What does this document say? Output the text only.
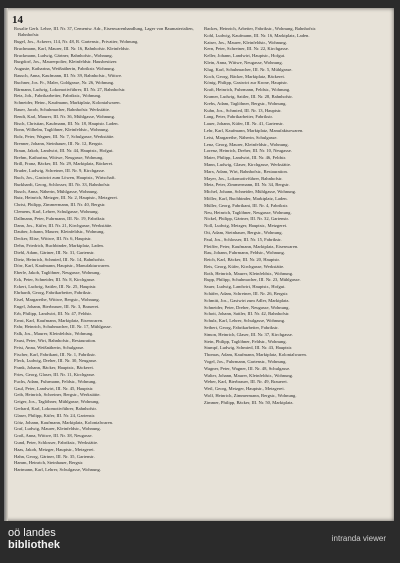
14

Rosalie Gerh. Lehre, III. Nr. 37, Cementw. Adr., Eisenwarenhandlung, Lager von Baumaterialien, Bahnhofstr.

Bugel, Jos., Ackerer, 114, Nr. 48, R. Gartenstr., Privatier, Wohnung.

Bruchmann, Karl, Maurer, III. Nr. 16, Bahnhofstr. Kleinfeldstr.

Bruckmann, Ludwig, Gärtner, Bahnhofstr., Wohnung.

Burgdorf, Jos., Maurerpolier, Kleinfeldstr. Hausbesitzer.

Auguste, Katharina, Weißnäherin, Fabrikstr. Wohnung.

Bausch, Anna, Kaufmann, III. Nr. 39, Bahnhofstr., Wittwe.

Buchner, Jos. Fr., Maler, Goldgasse, Nr. 26, Wohnung.

Bärmann, Ludwig, Lokomotivführer, III. Nr. 27, Bahnhofstr.

Betz, Joh., Fabrikarbeiter, Fabrikstr., Wohnung.

Schneider, Heinr., Kaufmann, Marktplatz, Kolonialwaren.

Bauer, Jacob, Schuhmacher, Bahnhofstr. Werkstätte.

Bendt, Karl, Maurer, III. Nr. 36, Mühlgasse, Wohnung.

Bisch, Christian, Kaufmann, III. Nr. 18, Hauptstr. Laden.

Bonn, Wilhelm, Taglöhner, Kleinfeldstr., Wohnung.

Bolz, Peter, Wagner, III. Nr. 7, Schulgasse, Werkstätte.

Brenner, Johann, Steinhauer, III. Nr. 12, Bergstr.

Braun, Jakob, Landwirt, III. Nr. 44, Hauptstr., Hofgut.

Brehm, Katharina, Wittwe, Neugasse, Wohnung.

Brill, Franz, Bäcker, III. Nr. 29, Marktplatz, Bäckerei.

Bruder, Ludwig, Schreiner, III. Nr. 9, Kirchgasse.

Buch, Jos., Gastwirt zum Löwen, Hauptstr., Wirtschaft.

Burkhardt, Georg, Schlosser, III. Nr. 33, Bahnhofstr.

Busch, Anna, Näherin, Mühlgasse, Wohnung.

Butz, Heinrich, Metzger, III. Nr. 2, Hauptstr., Metzgerei.

Christ, Philipp, Zimmermann, III. Nr. 40, Bergstr.

Clemens, Karl, Lehrer, Schulgasse, Wohnung.

Dallmann, Peter, Fuhrmann, III. Nr. 19, Fabrikstr.

Dann, Jos., Küfer, III. Nr. 21, Kirchgasse, Werkstätte.

Dauber, Johann, Maurer, Kleinfeldstr., Wohnung.

Decker, Elise, Wittwe, III. Nr. 6, Hauptstr.

Dehn, Friedrich, Buchbinder, Marktplatz, Laden.

Diehl, Adam, Gärtner, III. Nr. 31, Gartenstr.

Dietz, Heinrich, Schmied, III. Nr. 14, Bahnhofstr.

Dörr, Karl, Kaufmann, Hauptstr., Manufakturwaren.

Eberle, Jakob, Taglöhner, Neugasse, Wohnung.

Eck, Peter, Schneider, III. Nr. 8, Kirchgasse.

Eckert, Ludwig, Sattler, III. Nr. 25, Hauptstr.

Ehrhardt, Georg, Fabrikarbeiter, Fabrikstr.

Eisel, Margarethe, Wittwe, Bergstr., Wohnung.

Engel, Johann, Bierbrauer, III. Nr. 3, Brauerei.

Erb, Philipp, Landwirt, III. Nr. 47, Feldstr.

Ernst, Karl, Kaufmann, Marktplatz, Eisenwaren.

Fahr, Heinrich, Schuhmacher, III. Nr. 17, Mühlgasse.

Falk, Jos., Maurer, Kleinfeldstr., Wohnung.

Faust, Peter, Wirt, Bahnhofstr., Restauration.

Feist, Anna, Weißnäherin, Schulgasse.

Fischer, Karl, Fabrikant, III. Nr. 1, Fabrikstr.

Fleck, Ludwig, Dreher, III. Nr. 30, Neugasse.

Frank, Johann, Bäcker, Hauptstr., Bäckerei.

Fries, Georg, Glaser, III. Nr. 11, Kirchgasse.

Fuchs, Adam, Fuhrmann, Feldstr., Wohnung.

Gaul, Peter, Landwirt, III. Nr. 45, Hauptstr.

Geib, Heinrich, Schreiner, Bergstr., Werkstätte.

Geiger, Jos., Taglöhner, Mühlgasse, Wohnung.

Gerhard, Karl, Lokomotivführer, Bahnhofstr.

Glaser, Philipp, Küfer, III. Nr. 24, Gartenstr.

Götz, Johann, Kaufmann, Marktplatz, Kolonialwaren.

Graf, Ludwig, Maurer, Kleinfeldstr., Wohnung.

Groß, Anna, Wittwe, III. Nr. 38, Neugasse.

Gund, Peter, Schlosser, Fabrikstr., Werkstätte.

Haas, Jakob, Metzger, Hauptstr., Metzgerei.

Hahn, Georg, Gärtner, III. Nr. 35, Gartenstr.

Hamm, Heinrich, Steinhauer, Bergstr.

Hartmann, Karl, Lehrer, Schulgasse, Wohnung.

Backes, Heinrich, Arbeiter, Fabrikstr., Wohnung, Bahnhofstr.

Kohl, Ludwig, Kaufmann, III. Nr. 16, Marktplatz, Laden.

Kaiser, Jos., Maurer, Kleinfeldstr., Wohnung.

Kern, Peter, Schreiner, III. Nr. 22, Kirchgasse.

Keller, Johann, Landwirt, Hauptstr., Hofgut.

Klein, Anna, Wittwe, Neugasse, Wohnung.

Klug, Karl, Schuhmacher, III. Nr. 5, Mühlgasse.

Koch, Georg, Bäcker, Marktplatz, Bäckerei.

König, Philipp, Gastwirt zur Krone, Hauptstr.

Kraft, Heinrich, Fuhrmann, Feldstr., Wohnung.

Kramer, Ludwig, Sattler, III. Nr. 28, Bahnhofstr.

Krebs, Adam, Taglöhner, Bergstr., Wohnung.

Kuhn, Jos., Schmied, III. Nr. 13, Hauptstr.

Lang, Peter, Fabrikarbeiter, Fabrikstr.

Lauer, Johann, Küfer, III. Nr. 41, Gartenstr.

Lehr, Karl, Kaufmann, Marktplatz, Manufakturwaren.

Leist, Margarethe, Näherin, Schulgasse.

Lenz, Georg, Maurer, Kleinfeldstr., Wohnung.

Lorenz, Heinrich, Dreher, III. Nr. 10, Neugasse.

Maier, Philipp, Landwirt, III. Nr. 46, Feldstr.

Mann, Ludwig, Glaser, Kirchgasse, Werkstätte.

Marx, Adam, Wirt, Bahnhofstr., Restauration.

Mayer, Jos., Lokomotivführer, Bahnhofstr.

Metz, Peter, Zimmermann, III. Nr. 34, Bergstr.

Michel, Johann, Schneider, Mühlgasse, Wohnung.

Möller, Karl, Buchbinder, Marktplatz, Laden.

Müller, Georg, Fabrikant, III. Nr. 4, Fabrikstr.

Neu, Heinrich, Taglöhner, Neugasse, Wohnung.

Nickel, Philipp, Gärtner, III. Nr. 32, Gartenstr.

Noll, Ludwig, Metzger, Hauptstr., Metzgerei.

Ott, Adam, Steinhauer, Bergstr., Wohnung.

Paul, Jos., Schlosser, III. Nr. 15, Fabrikstr.

Pfeiffer, Peter, Kaufmann, Marktplatz, Eisenwaren.

Rau, Johann, Fuhrmann, Feldstr., Wohnung.

Reich, Karl, Bäcker, III. Nr. 20, Hauptstr.

Reis, Georg, Küfer, Kirchgasse, Werkstätte.

Roth, Heinrich, Maurer, Kleinfeldstr., Wohnung.

Rupp, Philipp, Schuhmacher, III. Nr. 23, Mühlgasse.

Sauer, Ludwig, Landwirt, Hauptstr., Hofgut.

Schäfer, Adam, Schreiner, III. Nr. 26, Bergstr.

Schmitt, Jos., Gastwirt zum Adler, Marktplatz.

Schneider, Peter, Dreher, Neugasse, Wohnung.

Schott, Johann, Sattler, III. Nr. 42, Bahnhofstr.

Schulz, Karl, Lehrer, Schulgasse, Wohnung.

Seibert, Georg, Fabrikarbeiter, Fabrikstr.

Simon, Heinrich, Glaser, III. Nr. 37, Kirchgasse.

Stein, Philipp, Taglöhner, Feldstr., Wohnung.

Stumpf, Ludwig, Schmied, III. Nr. 43, Hauptstr.

Thomas, Adam, Kaufmann, Marktplatz, Kolonialwaren.

Vogel, Jos., Fuhrmann, Gartenstr., Wohnung.

Wagner, Peter, Wagner, III. Nr. 48, Schulgasse.

Walter, Johann, Maurer, Kleinfeldstr., Wohnung.

Weber, Karl, Bierbrauer, III. Nr. 49, Brauerei.

Weil, Georg, Metzger, Hauptstr., Metzgerei.

Wolf, Heinrich, Zimmermann, Bergstr., Wohnung.

Zimmer, Philipp, Bäcker, III. Nr. 50, Marktplatz.

oö landes
bibliothek
intranda viewer
